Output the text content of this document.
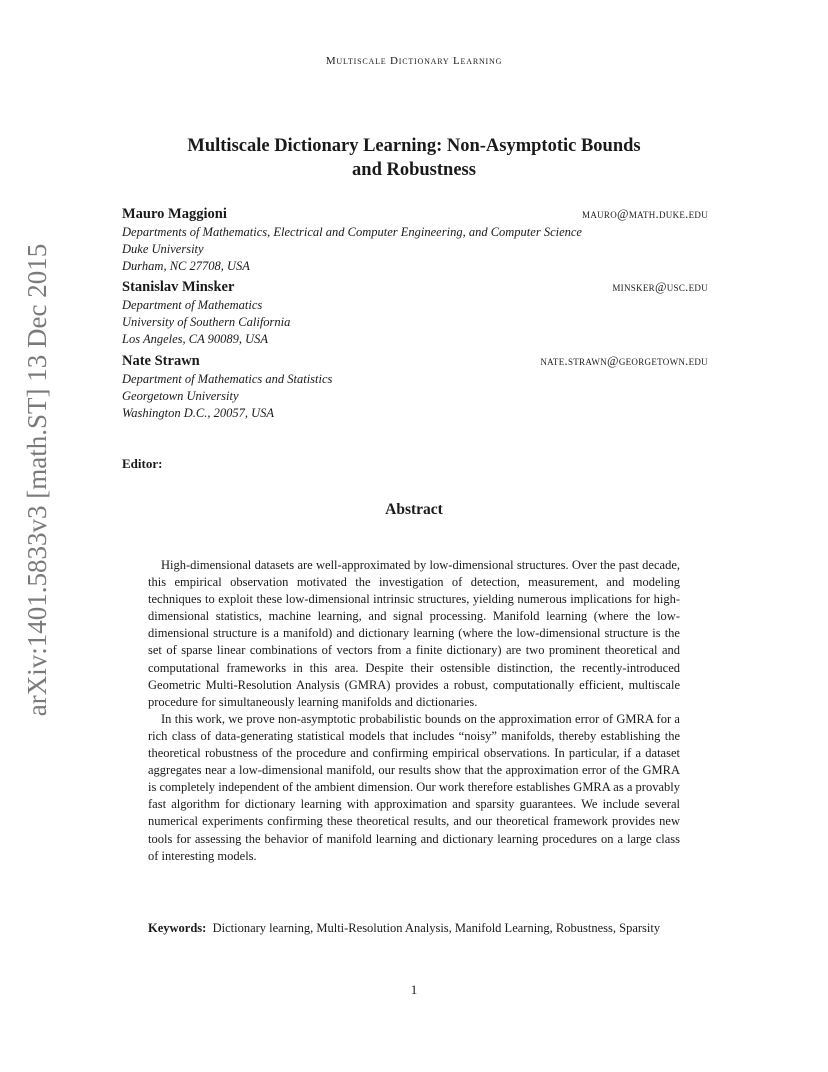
Multiscale Dictionary Learning
arXiv:1401.5833v3 [math.ST] 13 Dec 2015
Multiscale Dictionary Learning: Non-Asymptotic Bounds
and Robustness
Mauro Maggioni	mauro@math.duke.edu
Departments of Mathematics, Electrical and Computer Engineering, and Computer Science
Duke University
Durham, NC 27708, USA
Stanislav Minsker	minsker@usc.edu
Department of Mathematics
University of Southern California
Los Angeles, CA 90089, USA
Nate Strawn	nate.strawn@georgetown.edu
Department of Mathematics and Statistics
Georgetown University
Washington D.C., 20057, USA
Editor:
Abstract

High-dimensional datasets are well-approximated by low-dimensional structures. Over the past decade, this empirical observation motivated the investigation of detection, measurement, and modeling techniques to exploit these low-dimensional intrinsic structures, yielding numerous implications for high-dimensional statistics, machine learning, and signal processing. Manifold learning (where the low-dimensional structure is a manifold) and dictionary learning (where the low-dimensional structure is the set of sparse linear combinations of vectors from a finite dictionary) are two prominent theoretical and computational frameworks in this area. Despite their ostensible distinction, the recently-introduced Geometric Multi-Resolution Analysis (GMRA) provides a robust, computationally efficient, multiscale procedure for simultaneously learning manifolds and dictionaries.

In this work, we prove non-asymptotic probabilistic bounds on the approximation error of GMRA for a rich class of data-generating statistical models that includes “noisy” manifolds, thereby establishing the theoretical robustness of the procedure and confirming empirical observations. In particular, if a dataset aggregates near a low-dimensional manifold, our results show that the approximation error of the GMRA is completely independent of the ambient dimension. Our work therefore establishes GMRA as a provably fast algorithm for dictionary learning with approximation and sparsity guarantees. We include several numerical experiments confirming these theoretical results, and our theoretical framework provides new tools for assessing the behavior of manifold learning and dictionary learning procedures on a large class of interesting models.

Keywords: Dictionary learning, Multi-Resolution Analysis, Manifold Learning, Robustness, Sparsity
1
